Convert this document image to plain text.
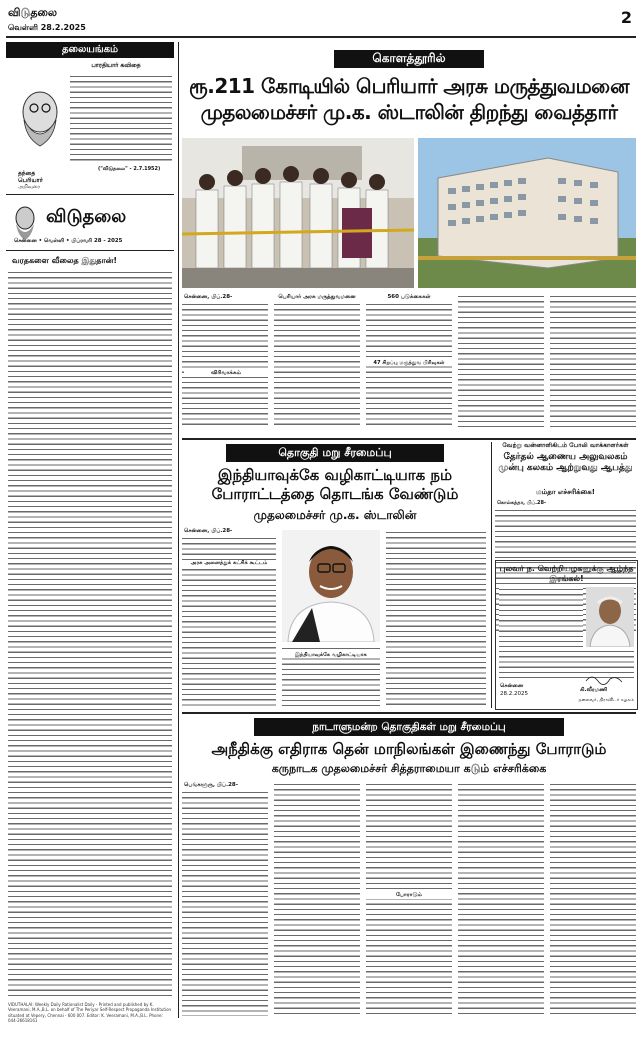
விடுதலை
வெள்ளி 28.2.2025
2
தலையங்கம்
பாரதியார் கவிதை
("விடுதலை" - 2.7.1952)
தந்தை
பெரியார்
அறிவுரை
விடுதலை
சென்னை • வெள்ளி • பிப்ரவரி 28 - 2025
வரதகளை வீலைத இதுதான்!
VIDUTHALAI: Weekly Daily Rationalist Daily - Printed and published by K. Veeramani, M.A.,B.L. on behalf of The Periyar Self-Respect Propaganda Institution situated at Vepery, Chennai - 600 007. Editor: K. Veeramani, M.A.,B.L. Phone: 044-26618161
கொளத்தூரில்
ரூ.211 கோடியில் பெரியார் அரசு மருத்துவமனை
முதலமைச்சர் மு.க. ஸ்டாலின் திறந்து வைத்தார்
சென்னை, பிப்.28-	பெரியார் அரசு மருத்துவமனை	560 படுக்கைகள்
விரிவாக்கம்
47 சிறப்பு மருத்துவ பிரிவுகள்
தொகுதி மறு சீரமைப்பு
இந்தியாவுக்கே வழிகாட்டியாக நம் போராட்டத்தை தொடங்க வேண்டும்
முதலமைச்சர் மு.க. ஸ்டாலின்
சென்னை, பிப்.28-
அரசு அனைத்துக் கட்சிக் கூட்டம்
இந்தியாவுக்கே வழிகாட்டியாக
வேற்று வன்னாளிகிடம் போலி வாக்காளர்கள்
தேர்தல் ஆணைய அலுவலகம் முன்பு கலகம் ஆற்றுவது ஆபத்து
மம்தா எச்சரிக்கை!
கொல்கத்தா, பிப்.28-
புலவர் ந. வெற்றியழகனுக்கு ஆழ்ந்த இரங்கல்!
சென்னை
28.2.2025
கி.வீரமணி
தலைவர், திராவிடர் கழகம்
நாடாளுமன்ற தொகுதிகள் மறு சீரமைப்பு
அநீதிக்கு எதிராக தென் மாநிலங்கள் இணைந்து போராடும்
கருநாடக முதலமைச்சர் சித்தராமையா கடும் எச்சரிக்கை
பெங்களூரு, பிப்.28-
போராடும்
